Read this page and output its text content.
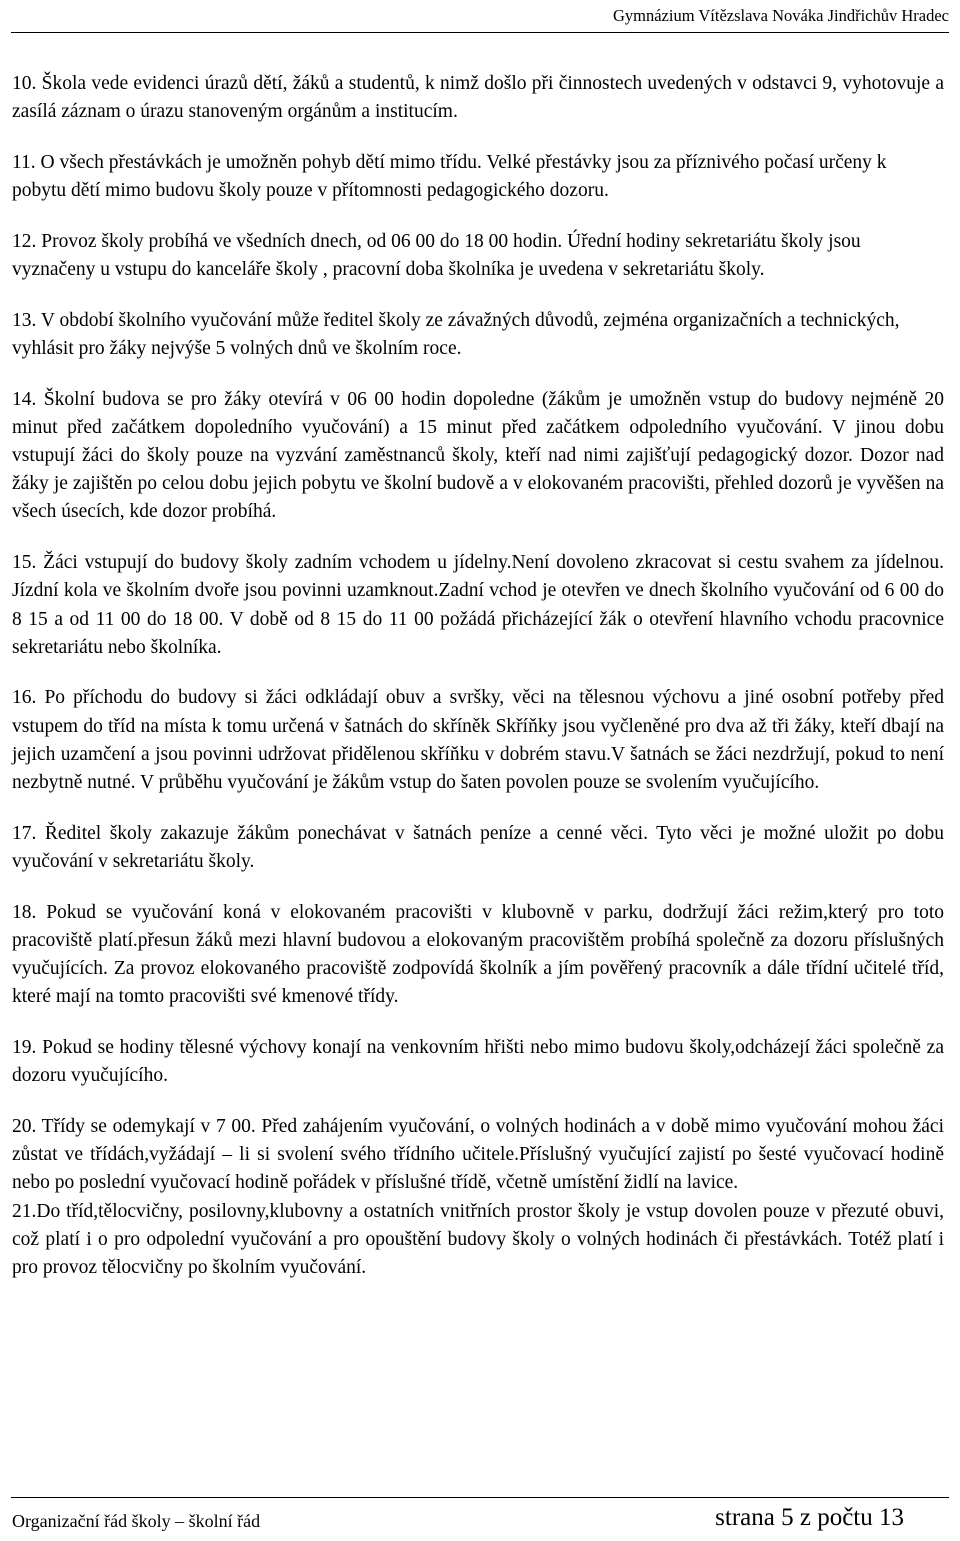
Gymnázium Vítězslava Nováka Jindřichův Hradec

10. Škola vede evidenci úrazů dětí, žáků a studentů, k nimž došlo při činnostech uvedených v odstavci 9, vyhotovuje a zasílá záznam o úrazu stanoveným orgánům a institucím.

11. O všech přestávkách je umožněn pohyb dětí mimo třídu. Velké přestávky jsou za příznivého počasí určeny k pobytu dětí mimo budovu školy pouze v přítomnosti pedagogického dozoru.

12. Provoz školy probíhá ve všedních dnech, od 06 00 do 18 00 hodin. Úřední hodiny sekretariátu školy jsou vyznačeny u vstupu do kanceláře školy , pracovní doba školníka je uvedena v sekretariátu školy.

13. V období školního vyučování může ředitel školy ze závažných důvodů, zejména organizačních a technických, vyhlásit pro žáky nejvýše 5 volných dnů ve školním roce.

14. Školní budova se pro žáky otevírá v 06 00 hodin dopoledne (žákům je umožněn vstup do budovy nejméně 20 minut před začátkem dopoledního vyučování) a 15 minut před začátkem odpoledního vyučování. V jinou dobu vstupují žáci do školy pouze na vyzvání zaměstnanců školy, kteří nad nimi zajišťují pedagogický dozor. Dozor nad žáky je zajištěn po celou dobu jejich pobytu ve školní budově a v elokovaném pracovišti, přehled dozorů je vyvěšen na všech úsecích, kde dozor probíhá.

15. Žáci vstupují do budovy školy zadním vchodem u jídelny.Není dovoleno zkracovat si cestu svahem za jídelnou. Jízdní kola ve školním dvoře jsou povinni uzamknout.Zadní vchod je otevřen ve dnech školního vyučování od 6 00 do 8 15 a od 11 00 do 18 00. V době od 8 15 do 11 00 požádá přicházející žák o otevření hlavního vchodu pracovnice sekretariátu nebo školníka.

16. Po příchodu do budovy si žáci odkládají obuv a svršky, věci na tělesnou výchovu a jiné osobní potřeby před vstupem do tříd na místa k tomu určená v šatnách do skříněk Skříňky jsou vyčleněné pro dva až tři žáky, kteří dbají na jejich uzamčení a jsou povinni udržovat přidělenou skříňku v dobrém stavu.V šatnách se žáci nezdržují, pokud to není nezbytně nutné. V průběhu vyučování je žákům vstup do šaten povolen pouze se svolením vyučujícího.

17. Ředitel školy zakazuje žákům ponechávat v šatnách peníze a cenné věci. Tyto věci je možné uložit po dobu vyučování v sekretariátu školy.

18. Pokud se vyučování koná v elokovaném pracovišti v klubovně v parku, dodržují žáci režim,který pro toto pracoviště platí.přesun žáků mezi hlavní budovou a elokovaným pracovištěm probíhá společně za dozoru příslušných vyučujících. Za provoz elokovaného pracoviště zodpovídá školník a jím pověřený pracovník a dále třídní učitelé tříd, které mají na tomto pracovišti své kmenové třídy.

19. Pokud se hodiny tělesné výchovy konají na venkovním hřišti nebo mimo budovu školy,odcházejí žáci společně za dozoru vyučujícího.

20. Třídy se odemykají v 7 00. Před zahájením vyučování, o volných hodinách a v době mimo vyučování mohou žáci zůstat ve třídách,vyžádají – li si svolení svého třídního učitele.Příslušný vyučující zajistí po šesté vyučovací hodině nebo po poslední vyučovací hodině pořádek v příslušné třídě, včetně umístění židlí na lavice.

21.Do tříd,tělocvičny, posilovny,klubovny a ostatních vnitřních prostor školy je vstup dovolen pouze v přezuté obuvi, což platí i o pro odpolední vyučování a pro opouštění budovy školy o volných hodinách či přestávkách. Totéž platí i pro provoz tělocvičny po školním vyučování.

Organizační řád školy – školní řád	strana 5 z počtu 13
